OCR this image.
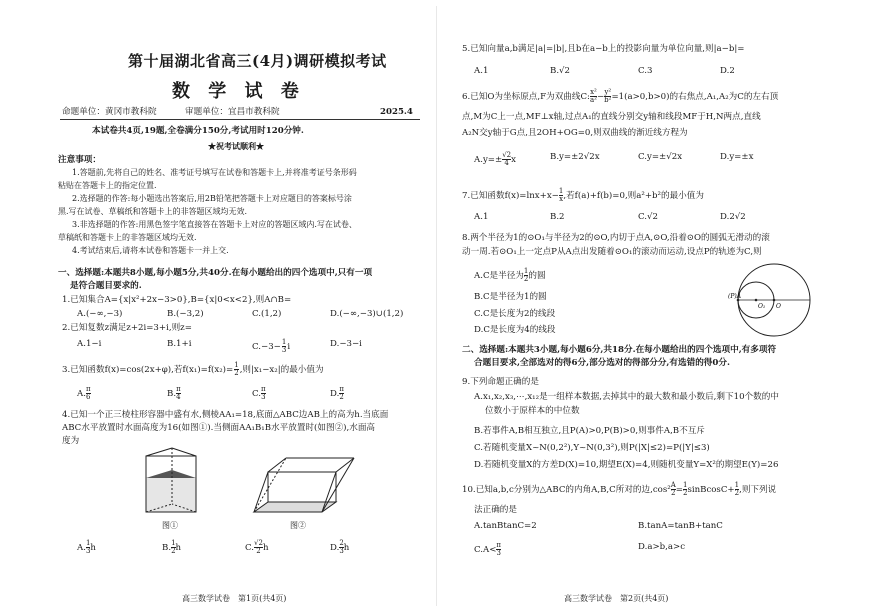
第十届湖北省高三(4月)调研模拟考试
数 学 试 卷
命题单位：黄冈市教科院	审题单位：宜昌市教科院	2025.4
本试卷共4页,19题,全卷满分150分,考试用时120分钟.
★祝考试顺利★
注意事项：
1.答题前,先将自己的姓名、准考证号填写在试卷和答题卡上,并将准考证号条形码
粘贴在答题卡上的指定位置.
2.选择题的作答:每小题选出答案后,用2B铅笔把答题卡上对应题目的答案标号涂
黑.写在试卷、草稿纸和答题卡上的非答题区域均无效.
3.非选择题的作答:用黑色签字笔直接答在答题卡上对应的答题区域内.写在试卷、
草稿纸和答题卡上的非答题区域均无效.
4.考试结束后,请将本试卷和答题卡一并上交.
一、选择题:本题共8小题,每小题5分,共40分.在每小题给出的四个选项中,只有一项
是符合题目要求的.
1.已知集合A={x|x²+2x−3>0},B={x|0<x<2},则A∩B=
A.(−∞,−3)	B.(−3,2)	C.(1,2)	D.(−∞,−3)∪(1,2)
2.已知复数z满足z+2i=3+i,则z=
A.1−i	B.1+i	$C.-3- \frac{1}{3}$ i	D.−3−i
3.已知函数f(x)=cos(2x+φ),若$f(x_1)=f(x_2)= \frac{1}{2}$ ,则|x₁−x₂|的最小值为
A. $\frac{\pi}{6}$	B. $\frac{\pi}{4}$	C. $\frac{\pi}{3}$	D. $\frac{\pi}{2}$
4.已知一个正三棱柱形容器中盛有水,侧棱AA₁=18,底面△ABC边AB上的高为h.当底面
ABC水平放置时水面高度为16(如图①).当侧面AA₁B₁B水平放置时(如图②),水面高
度为
图①	图②
A. $\frac{1}{3}$ h	B. $\frac{1}{2}$ h	C. $\frac{√2}{2}$ h	D. $\frac{2}{3}$ h
高三数学试卷　第1页(共4页)
5.已知向量a,b满足|a|=|b|,且b在a−b上的投影向量为单位向量,则|a−b|=
A.1	B.√2	C.3	D.2
6.已知O为坐标原点,F为双曲线C: $\frac{\text{x²}}{\text{a²}} - \frac{\text{y²}}{\text{b²}} =1(a>0,b>0)$的右焦点,A₁,A₂为C的左右顶
点,M为C上一点,MF⊥x轴,过点A₁的直线分别交y轴和线段MF于H,N两点,直线
A₂N交y轴于G点,且2OH+OG=0,则双曲线的渐近线方程为
$A.y=\pm \frac{√2}{4}$ x	B.y=±2√2x	C.y=±√2x	D.y=±x
7.已知函数$f(x)=\ln x+x- \frac{1}{x}$ ,若f(a)+f(b)=0,则a²+b²的最小值为
A.1	B.2	C.√2	D.2√2
8.两个半径为1的⊙O₁与半径为2的⊙O,内切于点A,⊙O,沿着⊙O的圆弧无滑动的滚
动一周.若⊙O₁上一定点P从A点出发随着⊙O₁的滚动而运动,设点P的轨迹为C,则
A.C是半径为 $\frac{1}{2}$ 的圆
B.C是半径为1的圆
C.C是长度为2的线段
D.C是长度为4的线段
O₁ O
(P)A
二、选择题:本题共3小题,每小题6分,共18分.在每小题给出的四个选项中,有多项符
合题目要求,全部选对的得6分,部分选对的得部分分,有选错的得0分.
9.下列命题正确的是
A.x₁,x₂,x₃,⋯,x₁₂是一组样本数据,去掉其中的最大数和最小数后,剩下10个数的中
位数小于原样本的中位数
B.若事件A,B相互独立,且P(A)>0,P(B)>0,则事件A,B不互斥
C.若随机变量X~N(0,2²),Y~N(0,3²),则P(|X|≤2)=P(|Y|≤3)
D.若随机变量X的方差D(X)=10,期望E(X)=4,则随机变量Y=X²的期望E(Y)=26
10.已知a,b,c分别为△ABC的内角A,B,C所对的边$,\cos^2 \frac{A}{2} = \frac{1}{2}$ sinBcosC+ $\frac{1}{2}$ ,则下列说
法正确的是
A.tanBtanC=2	B.tanA=tanB+tanC
$C.A< \frac{\pi}{3}$	D.a>b,a>c
高三数学试卷　第2页(共4页)
